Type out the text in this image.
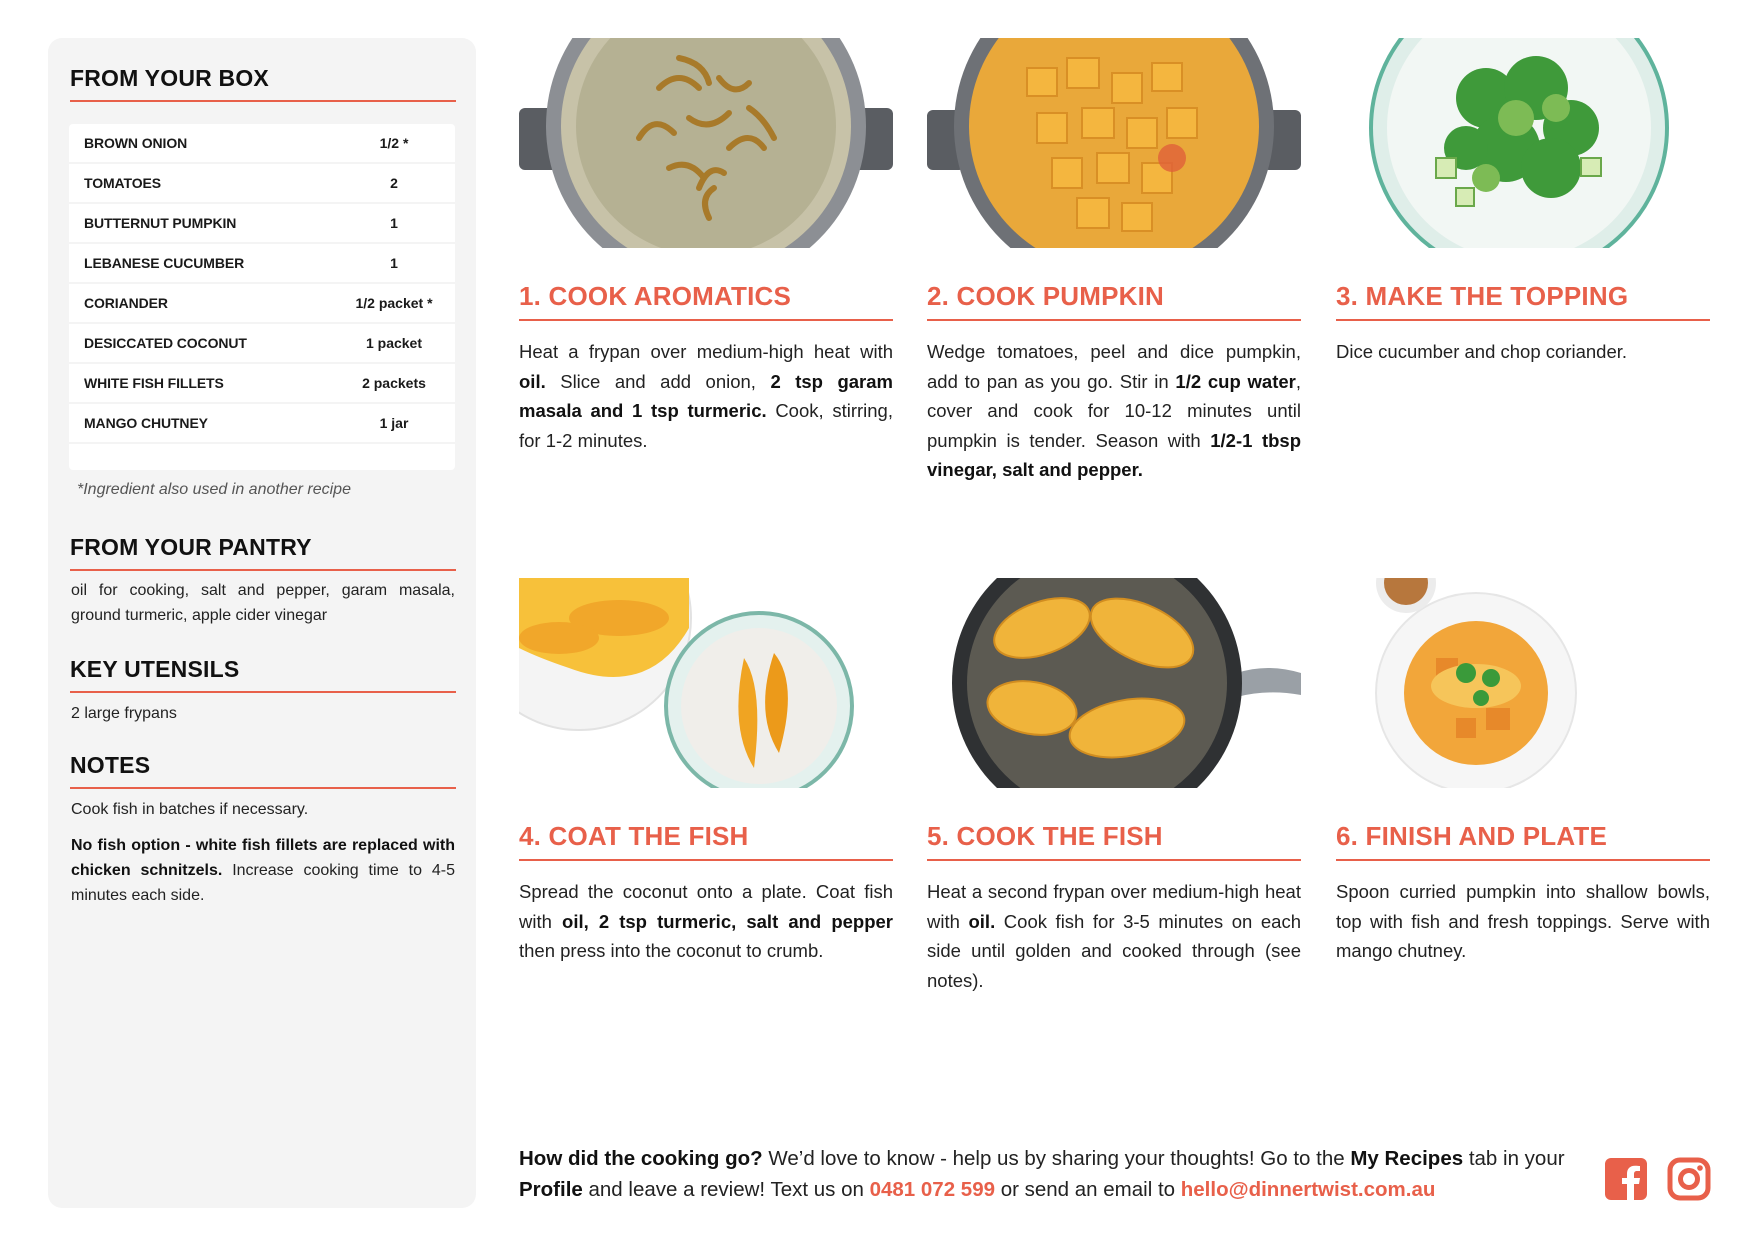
FROM YOUR BOX
BROWN ONION	1/2 *
TOMATOES	2
BUTTERNUT PUMPKIN	1
LEBANESE CUCUMBER	1
CORIANDER	1/2 packet *
DESICCATED COCONUT	1 packet
WHITE FISH FILLETS	2 packets
MANGO CHUTNEY	1 jar
*Ingredient also used in another recipe
FROM YOUR PANTRY

oil for cooking, salt and pepper, garam masala, ground turmeric, apple cider vinegar

KEY UTENSILS

2 large frypans

NOTES

Cook fish in batches if necessary.

No fish option - white fish fillets are replaced with chicken schnitzels. Increase cooking time to 4-5 minutes each side.

1. COOK AROMATICS
Heat a frypan over medium-high heat with oil. Slice and add onion, 2 tsp garam masala and 1 tsp turmeric. Cook, stirring, for 1-2 minutes.
2. COOK PUMPKIN
Wedge tomatoes, peel and dice pumpkin, add to pan as you go. Stir in 1/2 cup water, cover and cook for 10-12 minutes until pumpkin is tender. Season with 1/2-1 tbsp vinegar, salt and pepper.
3. MAKE THE TOPPING
Dice cucumber and chop coriander.
4. COAT THE FISH
Spread the coconut onto a plate. Coat fish with oil, 2 tsp turmeric, salt and pepper then press into the coconut to crumb.
5. COOK THE FISH
Heat a second frypan over medium-high heat with oil. Cook fish for 3-5 minutes on each side until golden and cooked through (see notes).
6. FINISH AND PLATE
Spoon curried pumpkin into shallow bowls, top with fish and fresh toppings. Serve with mango chutney.
How did the cooking go? We’d love to know - help us by sharing your thoughts! Go to the My Recipes tab in your Profile and leave a review! Text us on 0481 072 599 or send an email to hello@dinnertwist.com.au
